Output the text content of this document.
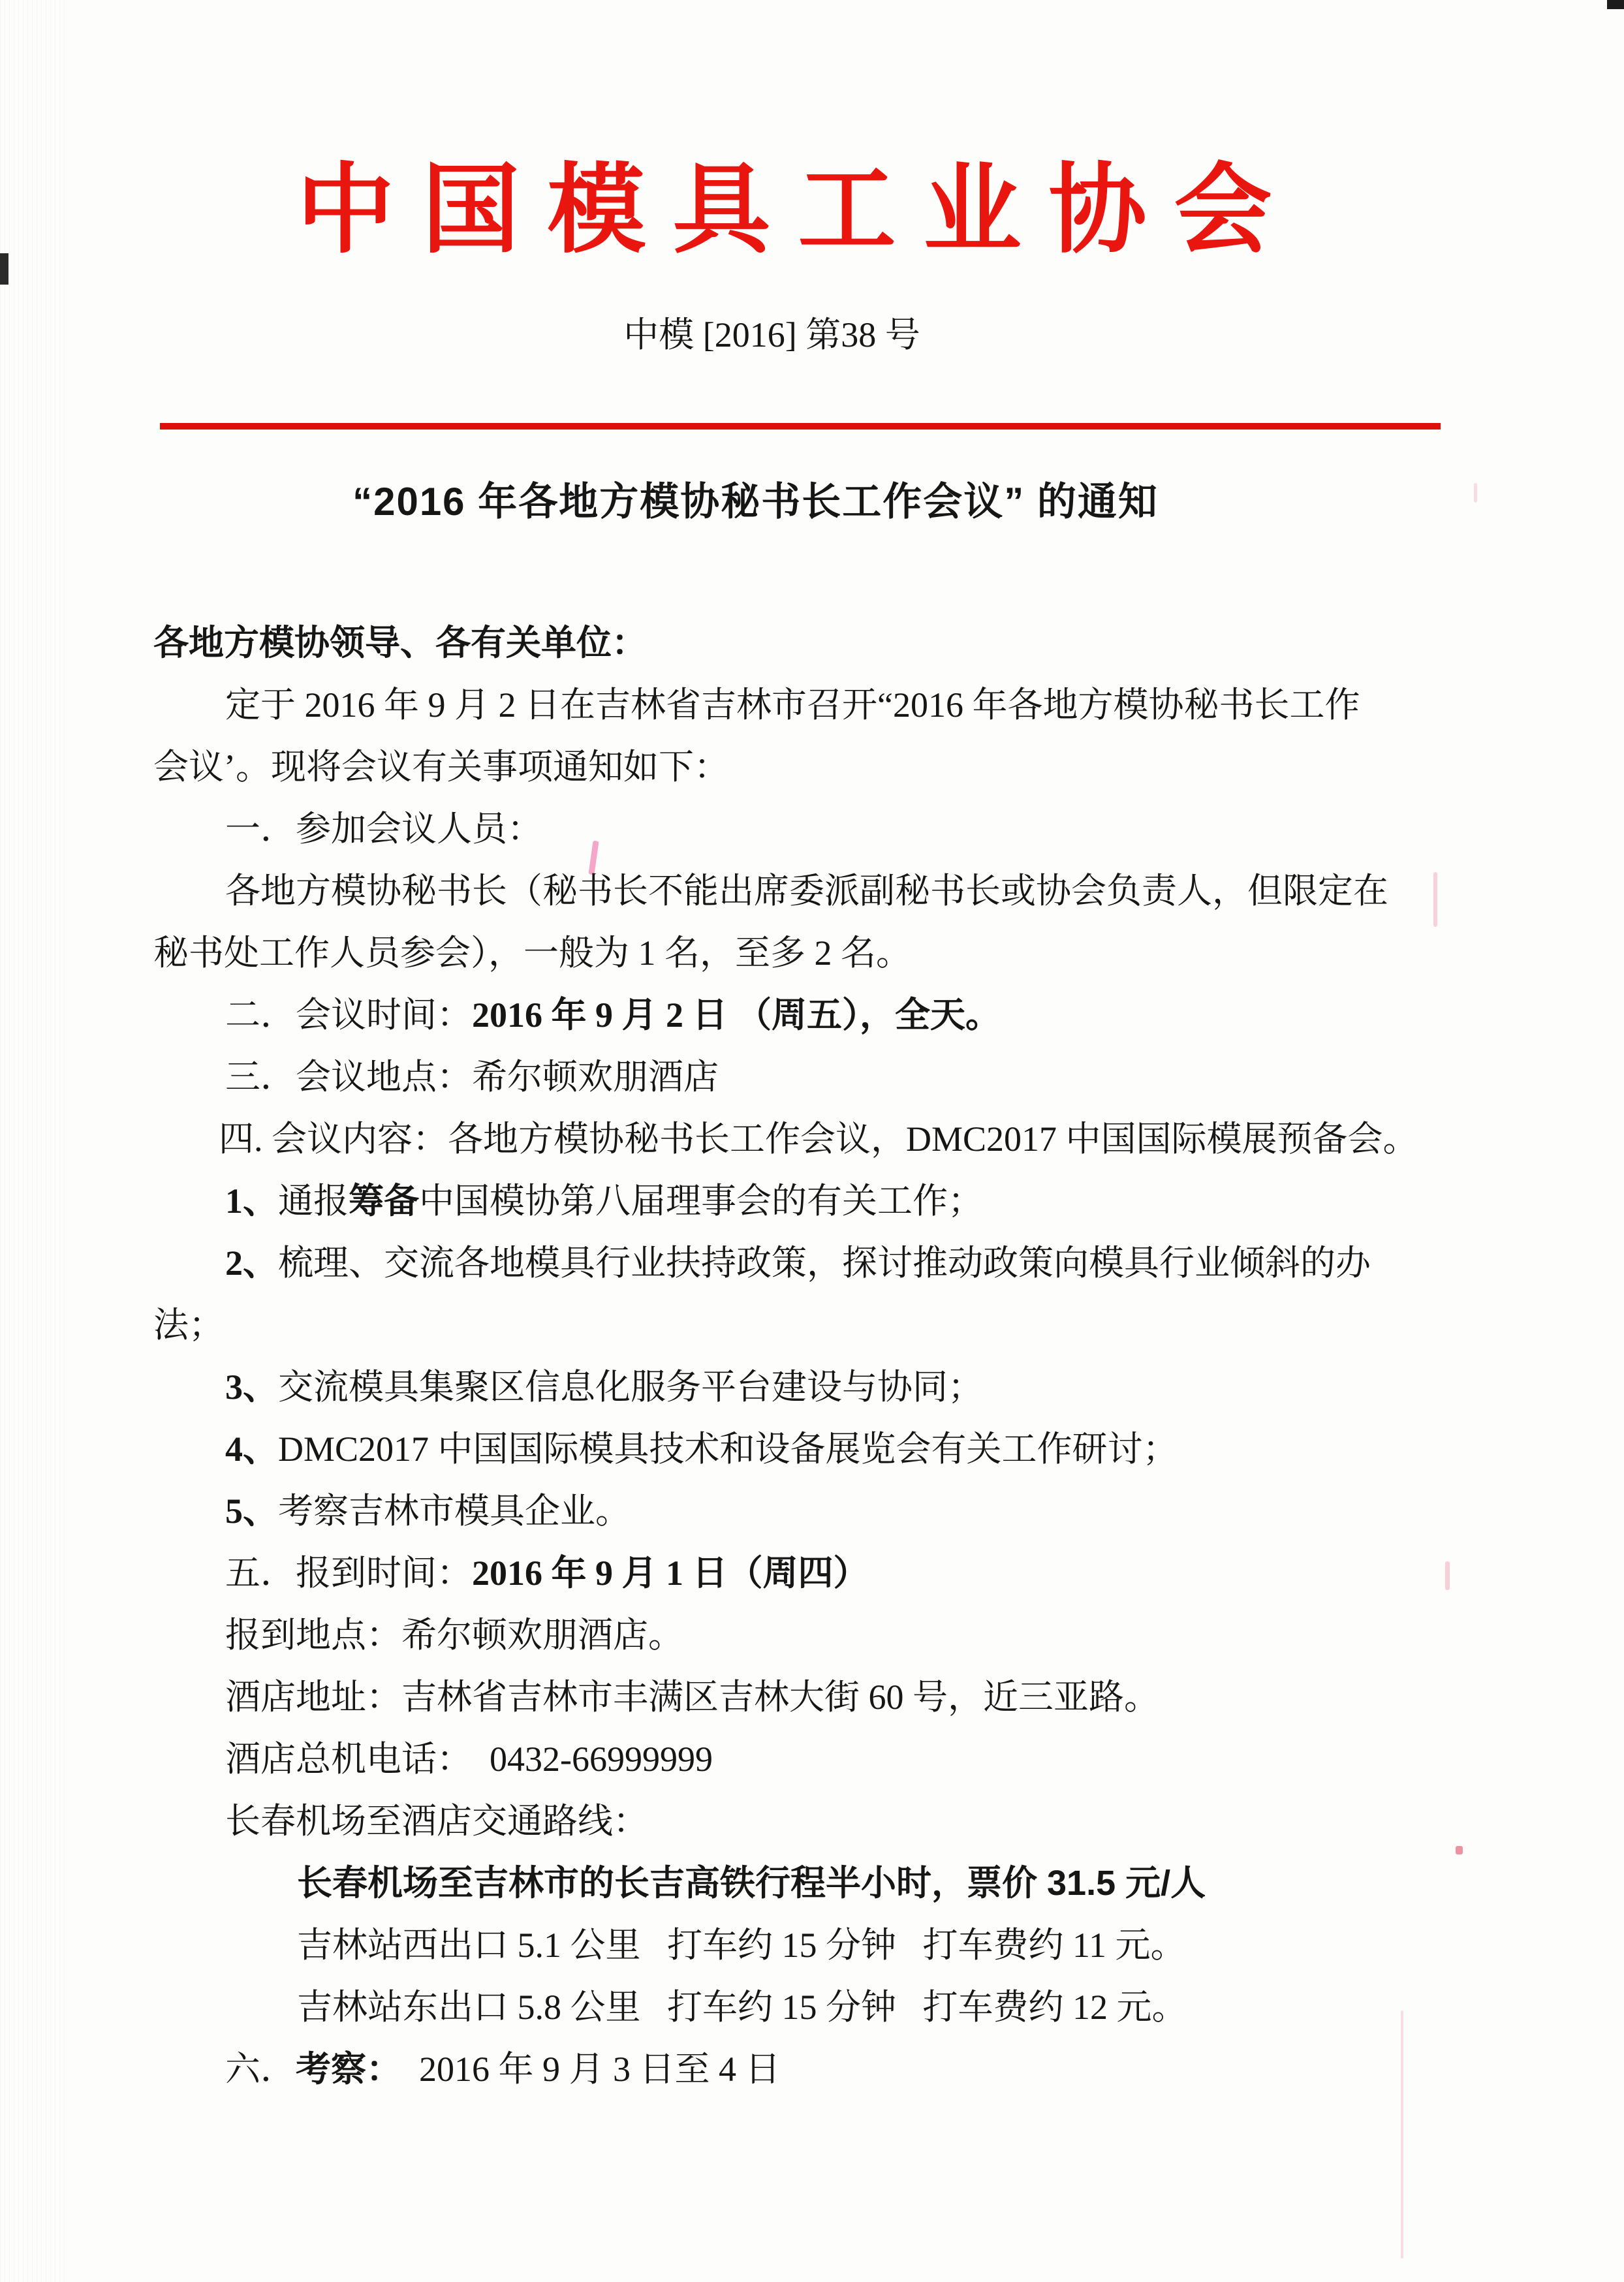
中国模具工业协会
中模 [2016] 第38 号
“2016 年各地方模协秘书长工作会议” 的通知
各地方模协领导、各有关单位：
定于 2016 年 9 月 2 日在吉林省吉林市召开“2016 年各地方模协秘书长工作
会议’。现将会议有关事项通知如下：
一．参加会议人员：
各地方模协秘书长（秘书长不能出席委派副秘书长或协会负责人，但限定在
秘书处工作人员参会），一般为 1 名，至多 2 名。
二．会议时间：2016 年 9 月 2 日 （周五），全天。
三．会议地点：希尔顿欢朋酒店
四. 会议内容：各地方模协秘书长工作会议，DMC2017 中国国际模展预备会。
1、通报筹备中国模协第八届理事会的有关工作；
2、梳理、交流各地模具行业扶持政策，探讨推动政策向模具行业倾斜的办
法；
3、交流模具集聚区信息化服务平台建设与协同；
4、DMC2017 中国国际模具技术和设备展览会有关工作研讨；
5、考察吉林市模具企业。
五．报到时间：2016 年 9 月 1 日（周四）
报到地点：希尔顿欢朋酒店。
酒店地址：吉林省吉林市丰满区吉林大街 60 号，近三亚路。
酒店总机电话：  0432-66999999
长春机场至酒店交通路线：
长春机场至吉林市的长吉高铁行程半小时，票价 31.5 元/人
吉林站西出口 5.1 公里   打车约 15 分钟   打车费约 11 元。
吉林站东出口 5.8 公里   打车约 15 分钟   打车费约 12 元。
六．考察：  2016 年 9 月 3 日至 4 日
